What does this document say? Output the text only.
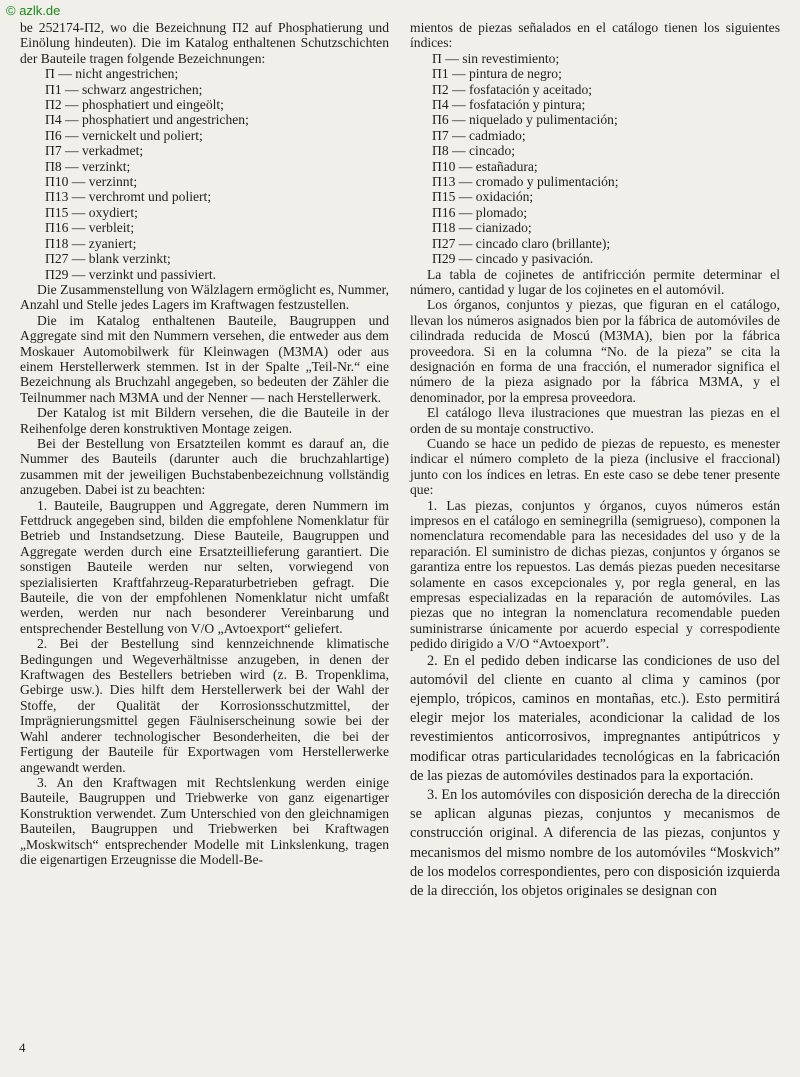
© azlk.de

be 252174-П2, wo die Bezeichnung П2 auf Phosphatierung und Einölung hindeuten). Die im Katalog enthaltenen Schutzschichten der Bauteile tragen folgende Bezeichnungen:

П — nicht angestrichen;
П1 — schwarz angestrichen;
П2 — phosphatiert und eingeölt;
П4 — phosphatiert und angestrichen;
П6 — vernickelt und poliert;
П7 — verkadmet;
П8 — verzinkt;
П10 — verzinnt;
П13 — verchromt und poliert;
П15 — oxydiert;
П16 — verbleit;
П18 — zyaniert;
П27 — blank verzinkt;
П29 — verzinkt und passiviert.

Die Zusammenstellung von Wälzlagern ermöglicht es, Nummer, Anzahl und Stelle jedes Lagers im Kraftwagen festzustellen.

Die im Katalog enthaltenen Bauteile, Baugruppen und Aggregate sind mit den Nummern versehen, die entweder aus dem Moskauer Automobilwerk für Kleinwagen (МЗМА) oder aus einem Herstellerwerk stemmen. Ist in der Spalte „Teil-Nr.“ eine Bezeichnung als Bruchzahl angegeben, so bedeuten der Zähler die Teilnummer nach МЗМА und der Nenner — nach Herstellerwerk.

Der Katalog ist mit Bildern versehen, die die Bauteile in der Reihenfolge deren konstruktiven Montage zeigen.

Bei der Bestellung von Ersatzteilen kommt es darauf an, die Nummer des Bauteils (darunter auch die bruchzahlartige) zusammen mit der jeweiligen Buchstabenbezeichnung vollständig anzugeben. Dabei ist zu beachten:

1. Bauteile, Baugruppen und Aggregate, deren Nummern im Fettdruck angegeben sind, bilden die empfohlene Nomenklatur für Betrieb und Instandsetzung. Diese Bauteile, Baugruppen und Aggregate werden durch eine Ersatzteillieferung garantiert. Die sonstigen Bauteile werden nur selten, vorwiegend von spezialisierten Kraftfahrzeug-Reparaturbetrieben gefragt. Die Bauteile, die von der empfohlenen Nomenklatur nicht umfaßt werden, werden nur nach besonderer Vereinbarung und entsprechender Bestellung von V/O „Avtoexport“ geliefert.

2. Bei der Bestellung sind kennzeichnende klimatische Bedingungen und Wegeverhältnisse anzugeben, in denen der Kraftwagen des Bestellers betrieben wird (z. B. Tropenklima, Gebirge usw.). Dies hilft dem Herstellerwerk bei der Wahl der Stoffe, der Qualität der Korrosionsschutzmittel, der Imprägnierungsmittel gegen Fäulniserscheinung sowie bei der Wahl anderer technologischer Besonderheiten, die bei der Fertigung der Bauteile für Exportwagen vom Herstellerwerke angewandt werden.

3. An den Kraftwagen mit Rechtslenkung werden einige Bauteile, Baugruppen und Triebwerke von ganz eigenartiger Konstruktion verwendet. Zum Unterschied von den gleichnamigen Bauteilen, Baugruppen und Triebwerken bei Kraftwagen „Moskwitsch“ entsprechender Modelle mit Linkslenkung, tragen die eigenartigen Erzeugnisse die Modell-Be-

mientos de piezas señalados en el catálogo tienen los siguientes índices:

П — sin revestimiento;
П1 — pintura de negro;
П2 — fosfatación y aceitado;
П4 — fosfatación y pintura;
П6 — niquelado y pulimentación;
П7 — cadmiado;
П8 — cincado;
П10 — estañadura;
П13 — cromado y pulimentación;
П15 — oxidación;
П16 — plomado;
П18 — cianizado;
П27 — cincado claro (brillante);
П29 — cincado y pasivación.

La tabla de cojinetes de antifricción permite determinar el número, cantidad y lugar de los cojinetes en el automóvil.

Los órganos, conjuntos y piezas, que figuran en el catálogo, llevan los números asignados bien por la fábrica de automóviles de cilindrada reducida de Moscú (МЗМА), bien por la fábrica proveedora. Si en la columna “No. de la pieza” se cita la designación en forma de una fracción, el numerador significa el número de la pieza asignado por la fábrica МЗМА, y el denominador, por la empresa proveedora.

El catálogo lleva ilustraciones que muestran las piezas en el orden de su montaje constructivo.

Cuando se hace un pedido de piezas de repuesto, es menester indicar el número completo de la pieza (inclusive el fraccional) junto con los índices en letras. En este caso se debe tener presente que:

1. Las piezas, conjuntos y órganos, cuyos números están impresos en el catálogo en seminegrilla (semigrueso), componen la nomenclatura recomendable para las necesidades del uso y de la reparación. El suministro de dichas piezas, conjuntos y órganos se garantiza entre los repuestos. Las demás piezas pueden necesitarse solamente en casos excepcionales y, por regla general, en las empresas especializadas en la reparación de automóviles. Las piezas que no integran la nomenclatura recomendable pueden suministrarse únicamente por acuerdo especial y correspodiente pedido dirigido a V/O “Avtoexport”.

2. En el pedido deben indicarse las condiciones de uso del automóvil del cliente en cuanto al clima y caminos (por ejemplo, trópicos, caminos en montañas, etc.). Esto permitirá elegir mejor los materiales, acondicionar la calidad de los revestimientos anticorrosivos, impregnantes antipútricos y modificar otras particularidades tecnológicas en la fabricación de las piezas de automóviles destinados para la exportación.

3. En los automóviles con disposición derecha de la dirección se aplican algunas piezas, conjuntos y mecanismos de construcción original. A diferencia de las piezas, conjuntos y mecanismos del mismo nombre de los automóviles “Moskvich” de los modelos correspondientes, pero con disposición izquierda de la dirección, los objetos originales se designan con

4
